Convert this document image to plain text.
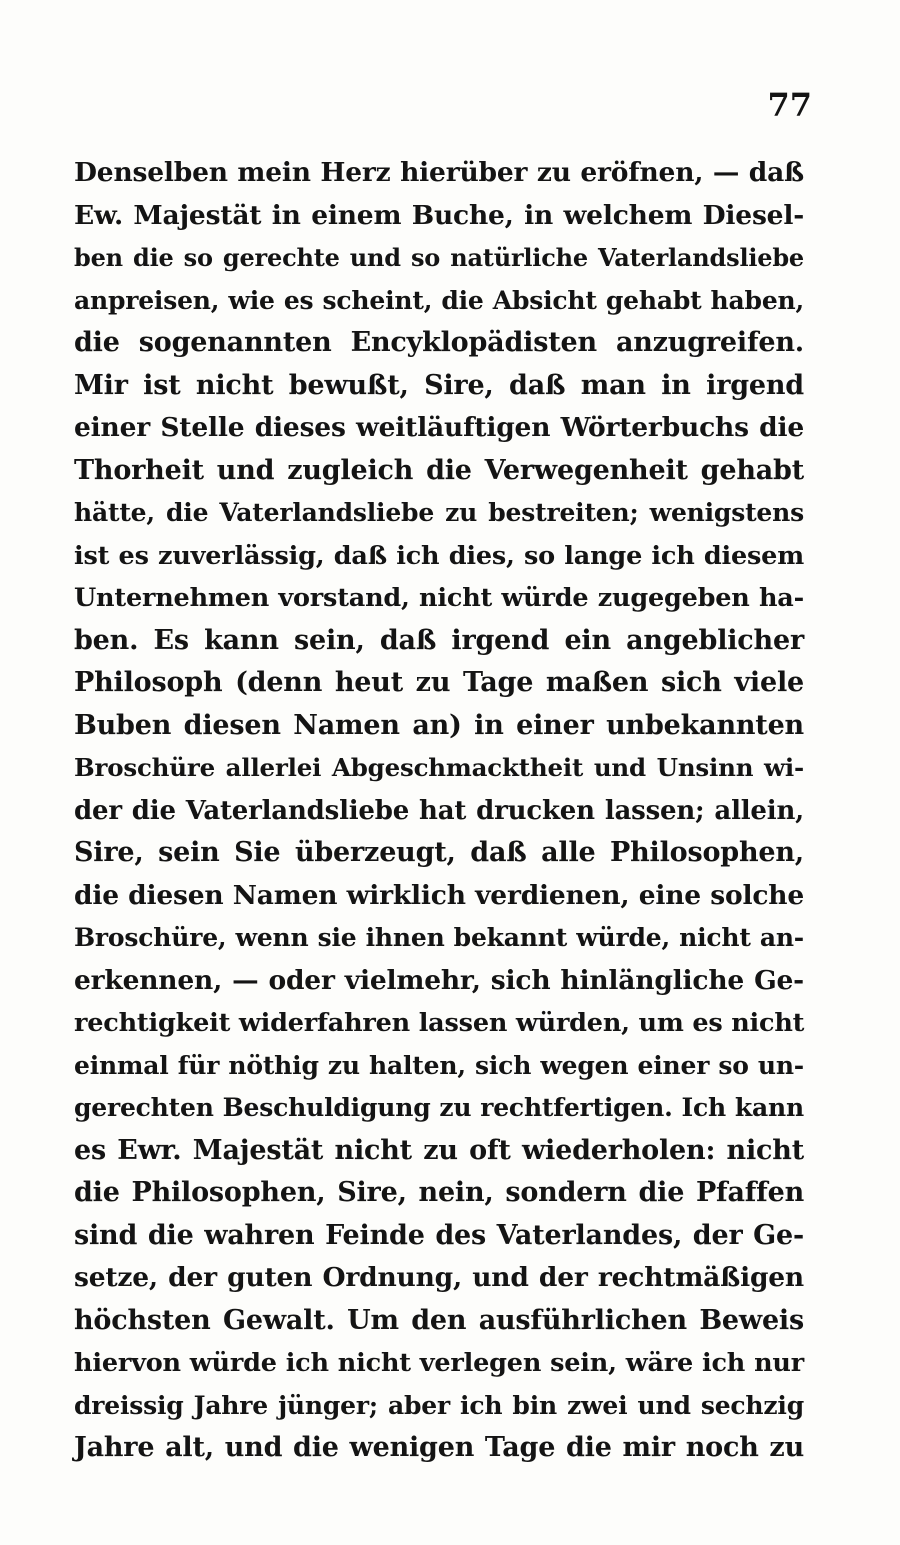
77
Denselben mein Herz hierüber zu eröfnen, — daß
Ew. Majestät in einem Buche, in welchem Diesel-
ben die so gerechte und so natürliche Vaterlandsliebe
anpreisen, wie es scheint, die Absicht gehabt haben,
die sogenannten Encyklopädisten anzugreifen.
Mir ist nicht bewußt, Sire, daß man in irgend
einer Stelle dieses weitläuftigen Wörterbuchs die
Thorheit und zugleich die Verwegenheit gehabt
hätte, die Vaterlandsliebe zu bestreiten; wenigstens
ist es zuverlässig, daß ich dies, so lange ich diesem
Unternehmen vorstand, nicht würde zugegeben ha-
ben. Es kann sein, daß irgend ein angeblicher
Philosoph (denn heut zu Tage maßen sich viele
Buben diesen Namen an) in einer unbekannten
Broschüre allerlei Abgeschmacktheit und Unsinn wi-
der die Vaterlandsliebe hat drucken lassen; allein,
Sire, sein Sie überzeugt, daß alle Philosophen,
die diesen Namen wirklich verdienen, eine solche
Broschüre, wenn sie ihnen bekannt würde, nicht an-
erkennen, — oder vielmehr, sich hinlängliche Ge-
rechtigkeit widerfahren lassen würden, um es nicht
einmal für nöthig zu halten, sich wegen einer so un-
gerechten Beschuldigung zu rechtfertigen. Ich kann
es Ewr. Majestät nicht zu oft wiederholen: nicht
die Philosophen, Sire, nein, sondern die Pfaffen
sind die wahren Feinde des Vaterlandes, der Ge-
setze, der guten Ordnung, und der rechtmäßigen
höchsten Gewalt. Um den ausführlichen Beweis
hiervon würde ich nicht verlegen sein, wäre ich nur
dreissig Jahre jünger; aber ich bin zwei und sechzig
Jahre alt, und die wenigen Tage die mir noch zu
